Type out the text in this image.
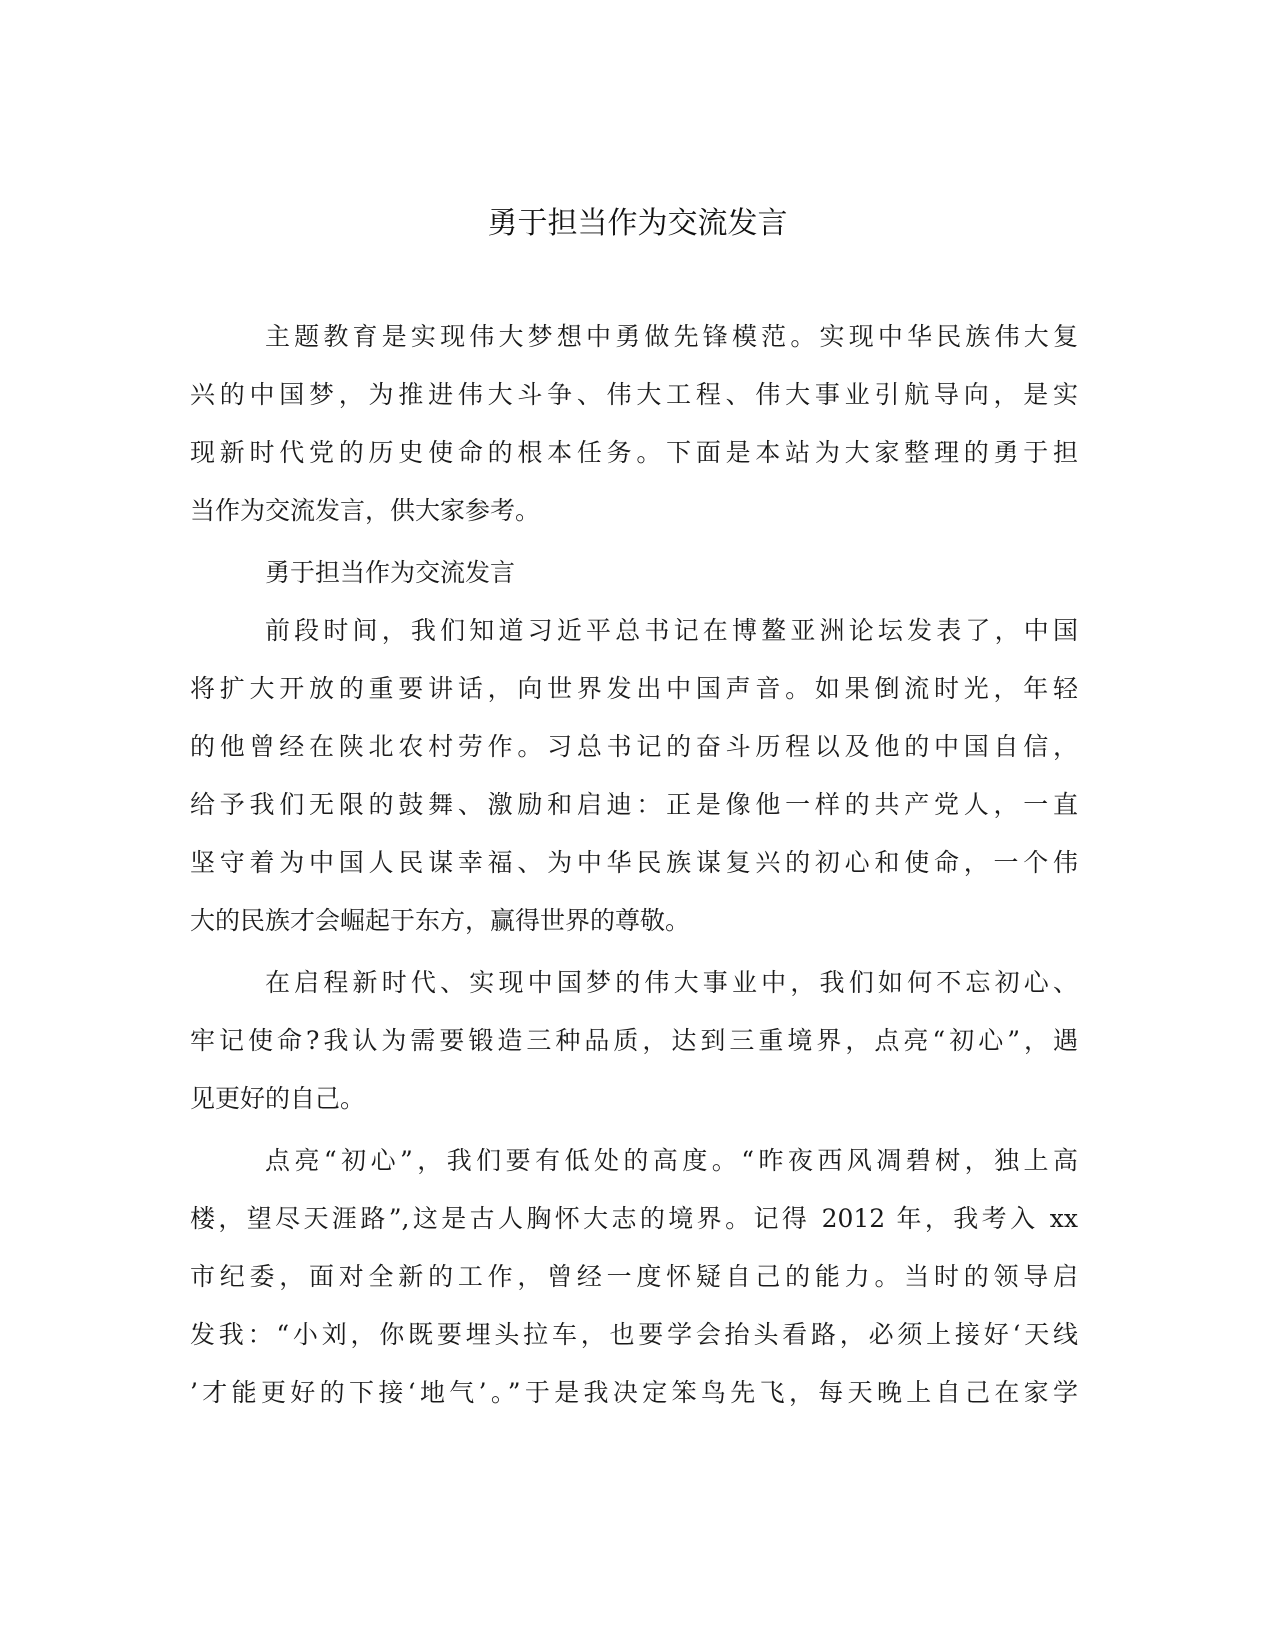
勇于担当作为交流发言

主题教育是实现伟大梦想中勇做先锋模范。实现中华民族伟大复

兴的中国梦，为推进伟大斗争、伟大工程、伟大事业引航导向，是实

现新时代党的历史使命的根本任务。下面是本站为大家整理的勇于担

当作为交流发言，供大家参考。

勇于担当作为交流发言

前段时间，我们知道习近平总书记在博鳌亚洲论坛发表了，中国

将扩大开放的重要讲话，向世界发出中国声音。如果倒流时光，年轻

的他曾经在陕北农村劳作。习总书记的奋斗历程以及他的中国自信，

给予我们无限的鼓舞、激励和启迪：正是像他一样的共产党人，一直

坚守着为中国人民谋幸福、为中华民族谋复兴的初心和使命，一个伟

大的民族才会崛起于东方，赢得世界的尊敬。

在启程新时代、实现中国梦的伟大事业中，我们如何不忘初心、

牢记使命?我认为需要锻造三种品质，达到三重境界，点亮“初心”，遇

见更好的自己。

点亮“初心”，我们要有低处的高度。“昨夜西风凋碧树，独上高

楼，望尽天涯路”,这是古人胸怀大志的境界。记得 2012 年，我考入 xx

市纪委，面对全新的工作，曾经一度怀疑自己的能力。当时的领导启

发我：“小刘，你既要埋头拉车，也要学会抬头看路，必须上接好‘天线

’才能更好的下接‘地气’。”于是我决定笨鸟先飞，每天晚上自己在家学
